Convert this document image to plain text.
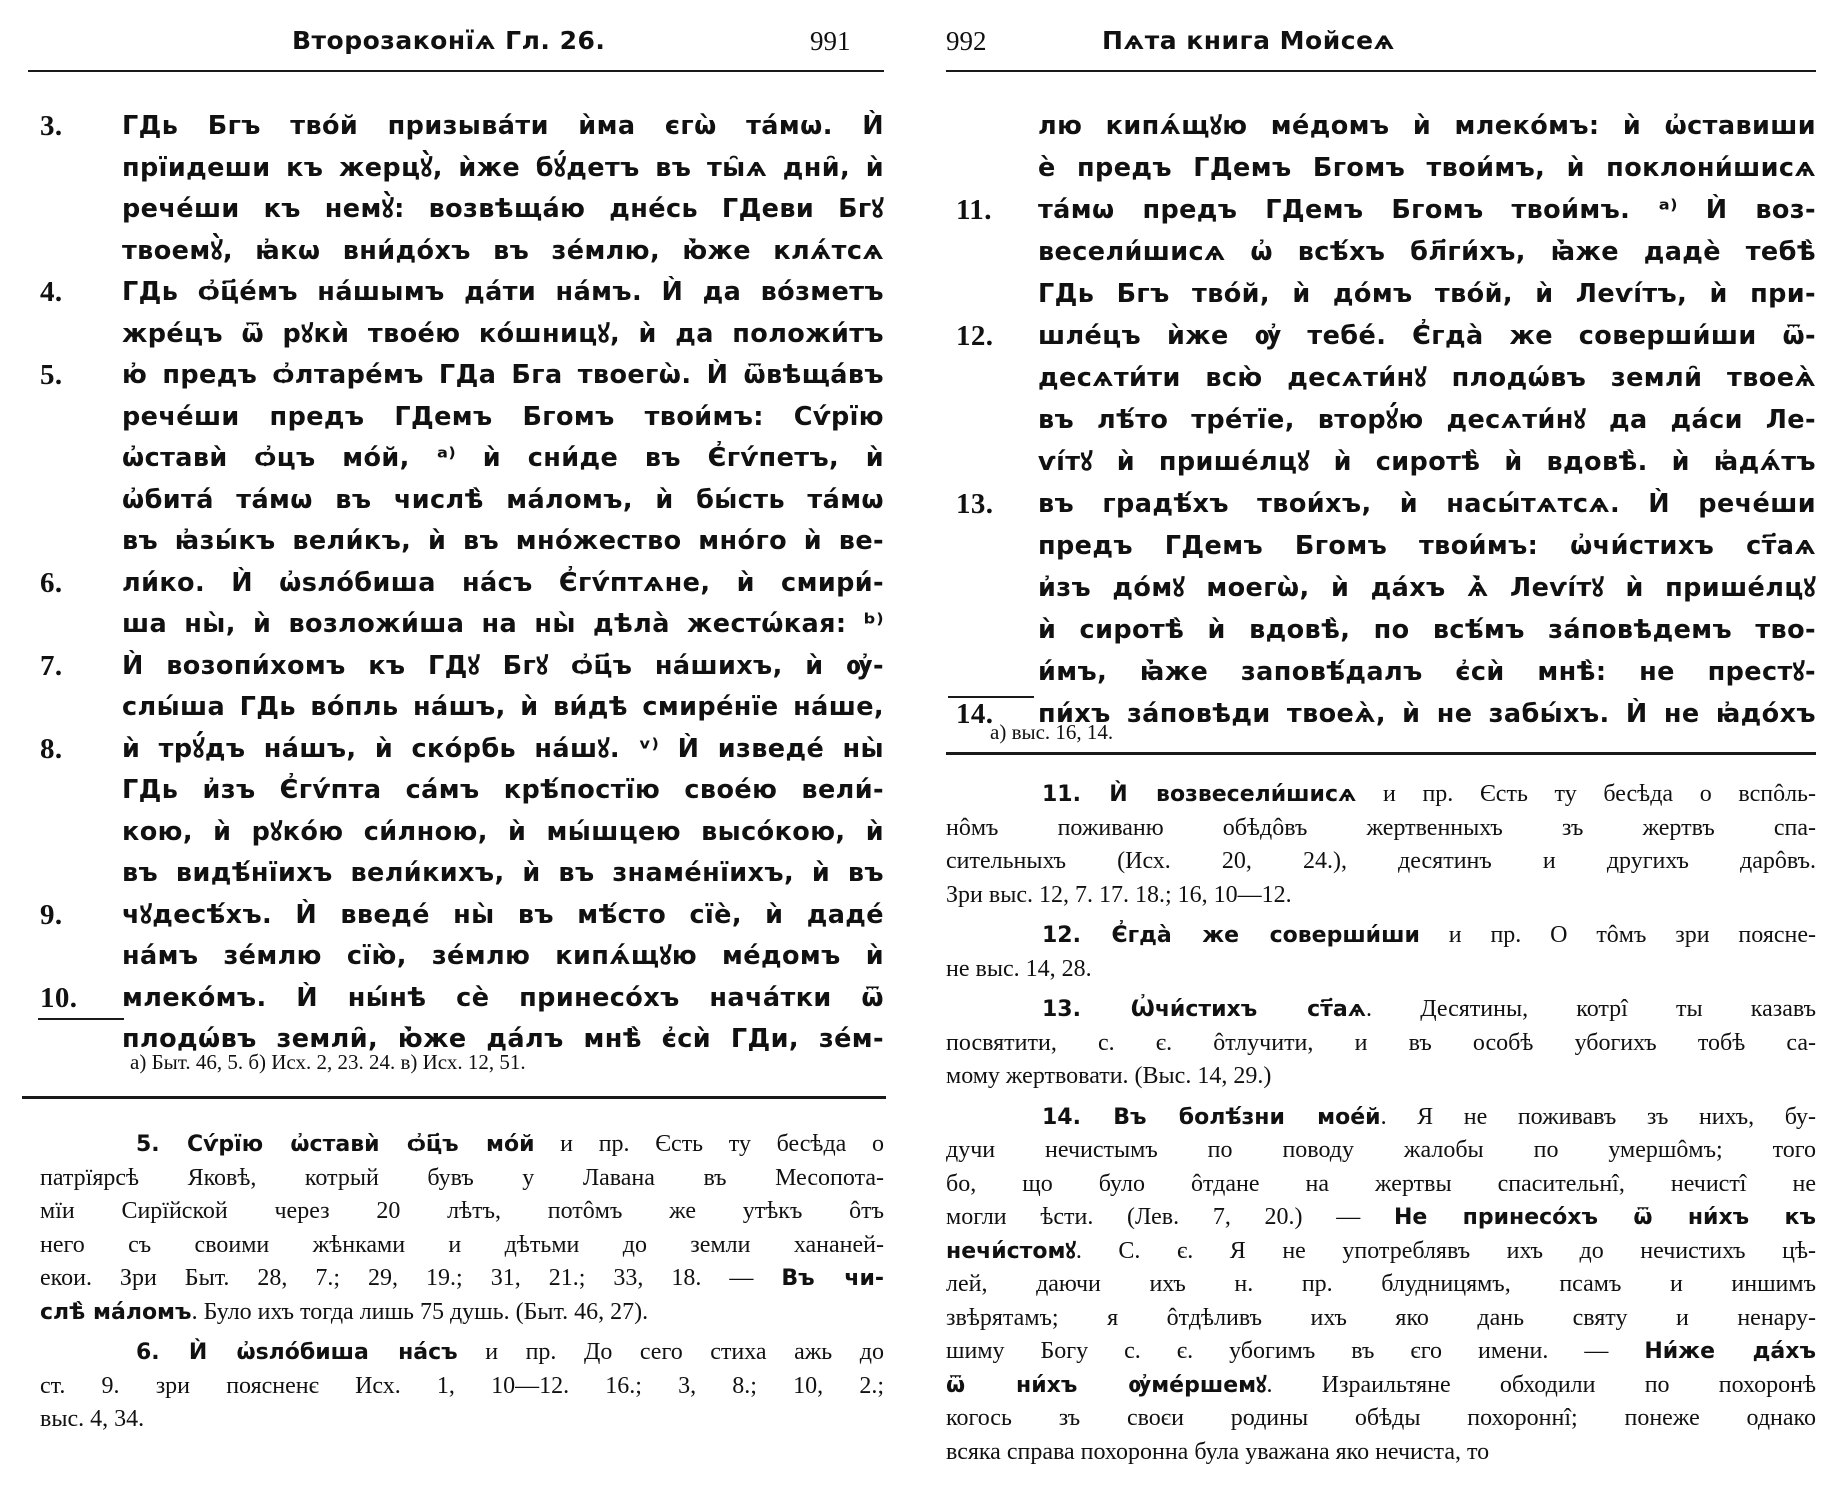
Второзаконїѧ Гл. 26.	991
3. ГДь Бгъ твóй призывáти ѝма єгѡ̀ тáмѡ. Ѝ
прїидеши къ жерцꙋ̀, ѝже бꙋ́детъ въ ты̑ѧ дни̑, ѝ
речéши къ немꙋ̀: возвѣщáю днéсь ГДеви Бгꙋ
твоемꙋ̀, ꙗ҆кѡ вни́дóхъ въ зéмлю, ю҆̀же клѧ́тсѧ
4. ГДь ѻ҆ц҃éмъ нáшымъ дáти нáмъ. Ѝ да вóзметъ
жрéцъ ѿ рꙋкѝ твоéю кóшницꙋ, ѝ да положи́тъ
5. ю҆ предъ ѻ҆лтарéмъ ГДа Бга твоегѡ̀. Ѝ ѿвѣщáвъ
речéши предъ ГДемъ Бгомъ твои́мъ: Сѵ́рїю
ѡ҆ставѝ ѻ҆цъ мóй, ᵃ⁾ ѝ сни́де въ Є҆гѵ́петъ, ѝ
ѡ҆битá тáмѡ въ числѣ̀ мáломъ, ѝ бы́сть тáмѡ
въ ꙗ҆зы́къ вели́къ, ѝ въ мнóжество мнóго ѝ ве-
6. ли́ко. Ѝ ѡ҆ѕлóбиша нáсъ Є҆гѵ́птѧне, ѝ смири́-
ша ны̀, ѝ возложи́ша на ны̀ дѣлà жестѡ́кая: ᵇ⁾
7. Ѝ возопи́хомъ къ ГДꙋ Бгꙋ ѻ҆ц҃ъ нáшихъ, ѝ ѹ҆-
слы́ша ГДь вóпль нáшъ, ѝ ви́дѣ смирéнїе нáше,
8. ѝ трꙋ́дъ нáшъ, ѝ скóрбь нáшꙋ. ᵛ⁾ Ѝ изведé ны̀
ГДь и҆зъ Є҆гѵ́пта сáмъ крѣ́постїю своéю вели́-
кою, ѝ рꙋкóю си́лною, ѝ мы́шцею высóкою, ѝ
въ видѣ́нїихъ вели́кихъ, ѝ въ знамéнїихъ, ѝ въ
9. чꙋдесѣ́хъ. Ѝ введé ны̀ въ мѣ́сто сїè, ѝ дадé
нáмъ зéмлю сїю̀, зéмлю кипѧ́щꙋю мéдомъ ѝ
10. млекóмъ. Ѝ ны́нѣ сè принесóхъ начáтки ѿ
плодѡ́въ земли̑, ю҆̀же дáлъ мнѣ̀ є҆сѝ ГДи, зéм-
а) Быт. 46, 5. б) Исх. 2, 23. 24. в) Исх. 12, 51.
5. Сѵ́рїю ѡ҆ставѝ ѻ҆ц҃ъ мóй и пр. Єсть ту бесѣда о
патрїярсѣ Яковѣ, котрый бувъ у Лавана въ Месопота-
мїи Сирїйской через 20 лѣтъ, потôмъ же утѣкъ ôтъ
него съ своими жѣнками и дѣтьми до земли хананей-
екои. Зри Быт. 28, 7.; 29, 19.; 31, 21.; 33, 18. — Въ чи-
слѣ̀ мáломъ. Було ихъ тогда лишь 75 душь. (Быт. 46, 27).
6. Ѝ ѡ҆ѕлóбиша нáсъ и пр. До сего стиха ажь до
ст. 9. зри поясненє Исх. 1, 10—12. 16.; 3, 8.; 10, 2.;
выс. 4, 34.
992	Пѧта книга Мойсеѧ
лю кипѧ́щꙋю мéдомъ ѝ млекóмъ: ѝ ѡ҆ставиши
ѐ предъ ГДемъ Бгомъ твои́мъ, ѝ поклони́шисѧ
11. тáмѡ предъ ГДемъ Бгомъ твои́мъ. ᵃ⁾ Ѝ воз-
весели́шисѧ ѡ҆ всѣ́хъ бл҃ги́хъ, ꙗ҆̀же дадè тебѣ̀
ГДь Бгъ твóй, ѝ дóмъ твóй, ѝ Леѵі́тъ, ѝ при-
12. шлéцъ ѝже ѹ҆ тебé. Є҆гдà же соверши́ши ѿ-
десѧти́ти всю̀ десѧти́нꙋ плодѡ́въ земли̑ твоеѧ̀
въ лѣ́то трéтїе, вторꙋ́ю десѧти́нꙋ да дáси Ле-
ѵі́тꙋ ѝ пришéлцꙋ ѝ сиротѣ̀ ѝ вдовѣ̀. ѝ ꙗ҆дѧ́тъ
13. въ градѣ́хъ твои́хъ, ѝ насы́тѧтсѧ. Ѝ речéши
предъ ГДемъ Бгомъ твои́мъ: ѡ҆чи́стихъ ст҃аѧ
и҆зъ дóмꙋ моегѡ̀, ѝ дáхъ ѧ҆̀ Леѵі́тꙋ ѝ пришéлцꙋ
ѝ сиротѣ̀ ѝ вдовѣ̀, по всѣ́мъ зáповѣдемъ тво-
и́мъ, ꙗ҆̀же заповѣ́далъ є҆сѝ мнѣ̀: не престꙋ-
14. пи́хъ зáповѣди твоеѧ̀, ѝ не забы́хъ. Ѝ не ꙗ҆дóхъ
а) выс. 16, 14.
11. Ѝ возвесели́шисѧ и пр. Єсть ту бесѣда о вспôль-
нôмъ поживаню обѣдôвъ жертвенныхъ зъ жертвъ спа-
сительныхъ (Исх. 20, 24.), десятинъ и другихъ дарôвъ.
Зри выс. 12, 7. 17. 18.; 16, 10—12.
12. Є҆гдà же соверши́ши и пр. О тôмъ зри поясне-
не выс. 14, 28.
13. Ѡ҆чи́стихъ ст҃аѧ. Десятины, котрî ты казавъ
посвятити, с. є. ôтлучити, и въ особѣ убогихъ тобѣ са-
мому жертвовати. (Выс. 14, 29.)
14. Въ болѣ́зни моéй. Я не поживавъ зъ нихъ, бу-
дучи нечистымъ по поводу жалобы по умершôмъ; того
бо, що було ôтдане на жертвы спасительнî, нечистî не
могли ѣсти. (Лев. 7, 20.) — Не принесóхъ ѿ ни́хъ къ
нечи́стомꙋ. С. є. Я не употреблявъ ихъ до нечистихъ цѣ-
лей, даючи ихъ н. пр. блудницямъ, псамъ и иншимъ
звѣрятамъ; я ôтдѣливъ ихъ яко дань святу и ненару-
шиму Богу с. є. убогимъ въ єго имени. — Ни́же дáхъ
ѿ ни́хъ ѹ҆мéршемꙋ. Израильтяне обходили по похоронѣ
когось зъ своєи родины обѣды похороннî; понеже однако
всяка справа похоронна була уважана яко нечиста, то
